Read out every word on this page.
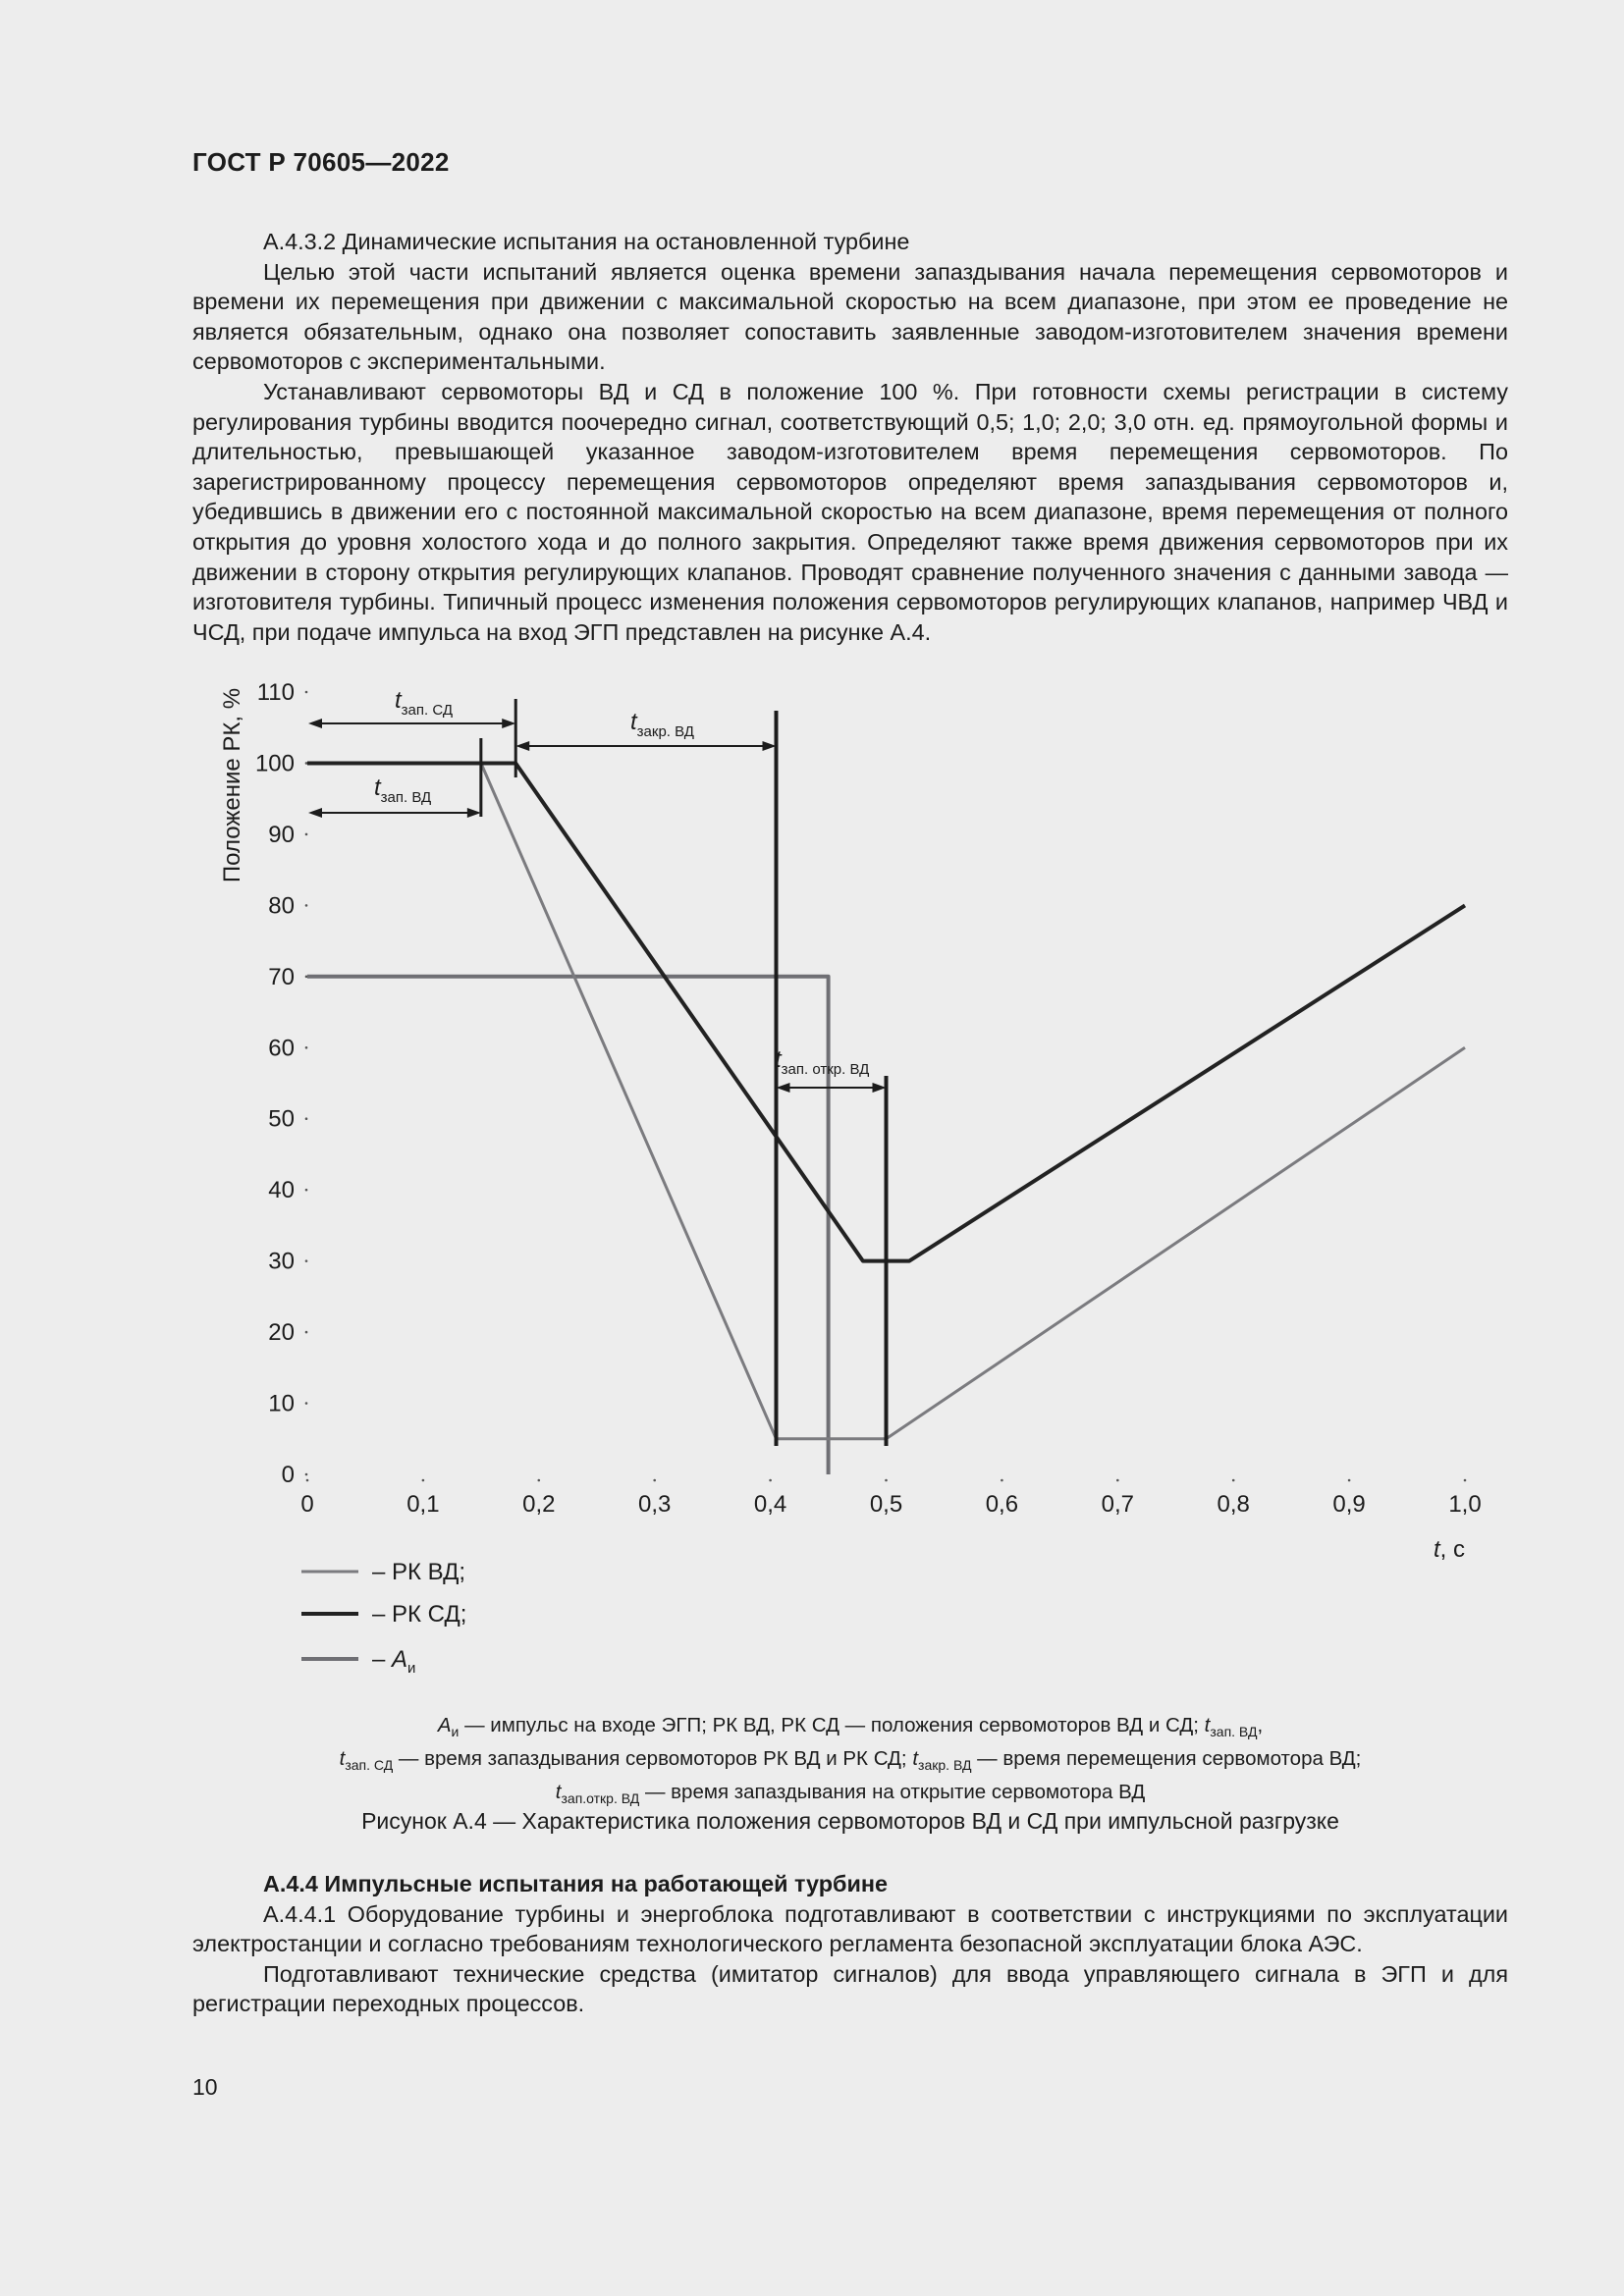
ГОСТ Р 70605—2022

А.4.3.2 Динамические испытания на остановленной турбине

Целью этой части испытаний является оценка времени запаздывания начала перемещения сервомоторов и времени их перемещения при движении с максимальной скоростью на всем диапазоне, при этом ее проведение не является обязательным, однако она позволяет сопоставить заявленные заводом-изготовителем значения времени сервомоторов с экспериментальными.

Устанавливают сервомоторы ВД и СД в положение 100 %. При готовности схемы регистрации в систему регулирования турбины вводится поочередно сигнал, соответствующий 0,5; 1,0; 2,0; 3,0 отн. ед. прямоугольной формы и длительностью, превышающей указанное заводом-изготовителем время перемещения сервомоторов. По зарегистрированному процессу перемещения сервомоторов определяют время запаздывания сервомоторов и, убедившись в движении его с постоянной максимальной скоростью на всем диапазоне, время перемещения от полного открытия до уровня холостого хода и до полного закрытия. Определяют также время движения сервомоторов при их движении в сторону открытия регулирующих клапанов. Проводят сравнение полученного значения с данными завода — изготовителя турбины. Типичный процесс изменения положения сервомоторов регулирующих клапанов, например ЧВД и ЧСД, при подаче импульса на вход ЭГП представлен на рисунке А.4.

$t_{зап. СД}$	$t_{закр. ВД}$
$t_{зап. ВД}$
$t_{зап. откр. ВД}$
0
10
20
30
40
50
60
70
80
90
100
110
0	0,1	0,2	0,3	0,4	0,5	0,6	0,7	0,8	0,9	1,0
Положение РК, %
t, с
– РК ВД;
– РК СД;
– $А_и$
$А_и$ — импульс на входе ЭГП; РК ВД, РК СД — положения сервомоторов ВД и СД; $t_{зап. ВД}$,
$t_{зап. СД}$ — время запаздывания сервомоторов РК ВД и РК СД; $t_{закр. ВД}$ — время перемещения сервомотора ВД;
$t_{зап.откр. ВД}$ — время запаздывания на открытие сервомотора ВД
Рисунок А.4 — Характеристика положения сервомоторов ВД и СД при импульсной разгрузке

А.4.4 Импульсные испытания на работающей турбине

А.4.4.1 Оборудование турбины и энергоблока подготавливают в соответствии с инструкциями по эксплуатации электростанции и согласно требованиям технологического регламента безопасной эксплуатации блока АЭС.

Подготавливают технические средства (имитатор сигналов) для ввода управляющего сигнала в ЭГП и для регистрации переходных процессов.

10
